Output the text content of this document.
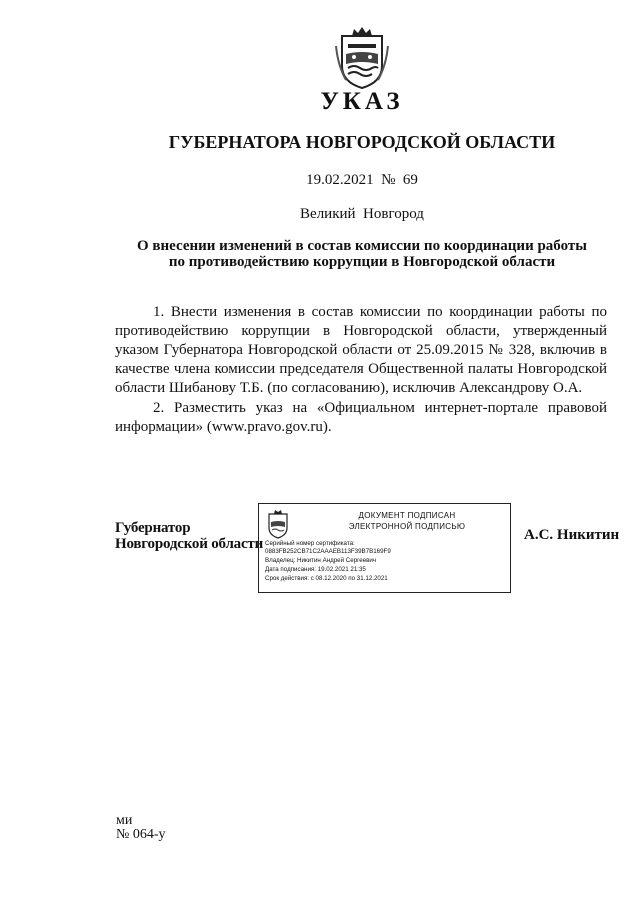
УКАЗ
ГУБЕРНАТОРА НОВГОРОДСКОЙ ОБЛАСТИ
19.02.2021  №  69
Великий  Новгород
О внесении изменений в состав комиссии по координации работы
по противодействию коррупции в Новгородской области

1. Внести изменения в состав комиссии по координации работы по противодействию коррупции в Новгородской области, утвержденный указом Губернатора Новгородской области от 25.09.2015 № 328, включив в качестве члена комиссии председателя Общественной палаты Новгородской области Шибанову Т.Б. (по согласованию), исключив Александрову О.А.

2. Разместить указ на «Официальном интернет-портале правовой информации» (www.pravo.gov.ru).

Губернатор
Новгородской области
ДОКУМЕНТ ПОДПИСАН
ЭЛЕКТРОННОЙ ПОДПИСЬЮ
Серийный номер сертификата:
0883FB252CB71C2AAAEB113F39B7B169F9
Владелец: Никитин Андрей Сергеевич
Дата подписания: 19.02.2021 21:35
Срок действия: с 08.12.2020 по 31.12.2021
А.С. Никитин
ми
№ 064-у
